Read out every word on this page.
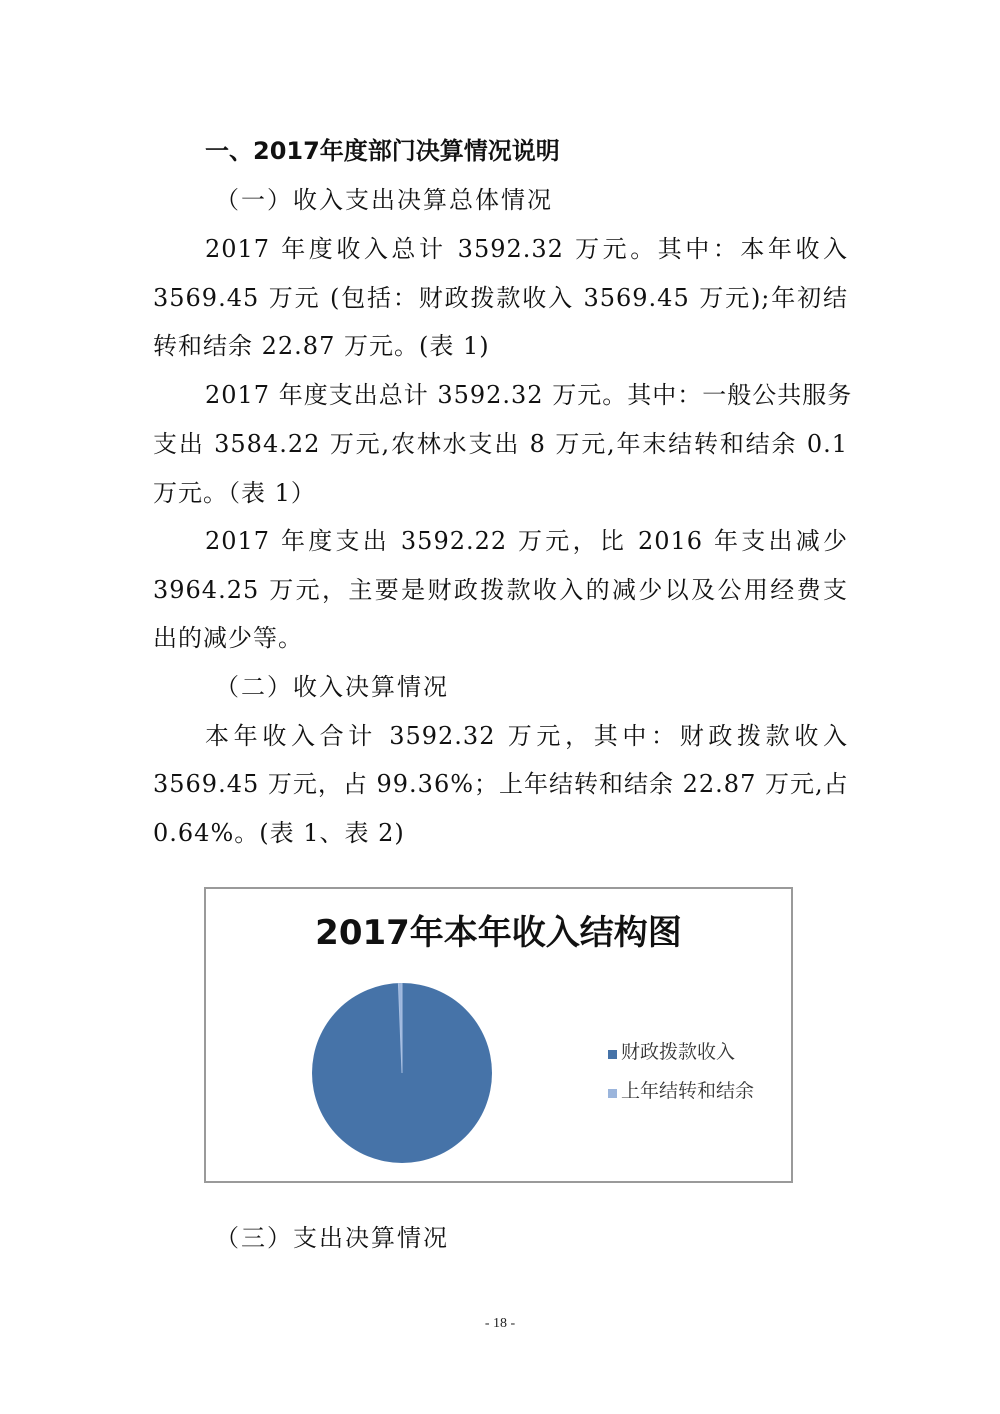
一、2017年度部门决算情况说明
（一）收入支出决算总体情况
2017 年度收入总计 3592.32 万元。其中：本年收入
3569.45 万元 (包括：财政拨款收入 3569.45 万元);年初结
转和结余 22.87 万元。(表 1)
2017 年度支出总计 3592.32 万元。其中：一般公共服务
支出 3584.22 万元,农林水支出 8 万元,年末结转和结余 0.1
万元。（表 1）
2017 年度支出 3592.22 万元，比 2016 年支出减少
3964.25 万元，主要是财政拨款收入的减少以及公用经费支
出的减少等。
（二）收入决算情况
本年收入合计 3592.32 万元，其中：财政拨款收入
3569.45 万元，占 99.36%；上年结转和结余 22.87 万元,占
0.64%。(表 1、表 2)
2017年本年收入结构图
财政拨款收入
上年结转和结余
（三）支出决算情况
- 18 -
